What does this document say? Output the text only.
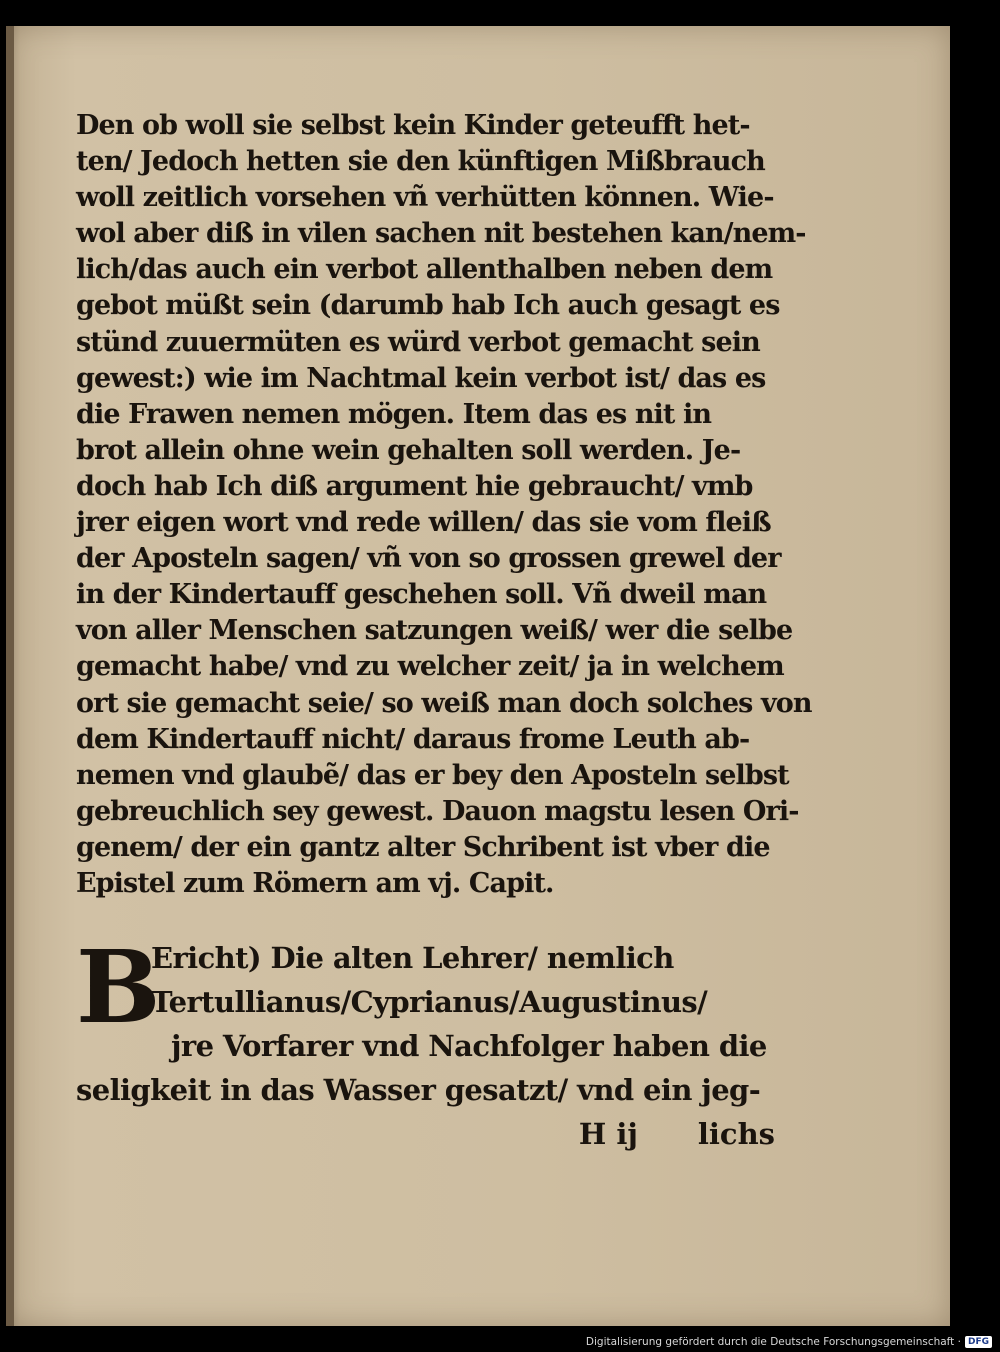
Den ob woll sie selbst kein Kinder geteufft het-
ten/ Jedoch hetten sie den künftigen Mißbrauch
woll zeitlich vorsehen vñ verhütten können. Wie-
wol aber diß in vilen sachen nit bestehen kan/nem-
lich/das auch ein verbot allenthalben neben dem
gebot müßt sein (darumb hab Ich auch gesagt es
stünd zuuermüten es würd verbot gemacht sein
gewest:) wie im Nachtmal kein verbot ist/ das es
die Frawen nemen mögen. Item das es nit in
brot allein ohne wein gehalten soll werden. Je-
doch hab Ich diß argument hie gebraucht/ vmb
jrer eigen wort vnd rede willen/ das sie vom fleiß
der Aposteln sagen/ vñ von so grossen grewel der
in der Kindertauff geschehen soll. Vñ dweil man
von aller Menschen satzungen weiß/ wer die selbe
gemacht habe/ vnd zu welcher zeit/ ja in welchem
ort sie gemacht seie/ so weiß man doch solches von
dem Kindertauff nicht/ daraus frome Leuth ab-
nemen vnd glaubẽ/ das er bey den Aposteln selbst
gebreuchlich sey gewest. Dauon magstu lesen Ori-
genem/ der ein gantz alter Schribent ist vber die
Epistel zum Römern am vj. Capit.
B
Ericht) Die alten Lehrer/ nemlich
Tertullianus/Cyprianus/Augustinus/
jre Vorfarer vnd Nachfolger haben die
seligkeit in das Wasser gesatzt/ vnd ein jeg-
H ij lichs
Digitalisierung gefördert durch die Deutsche Forschungsgemeinschaft · DFG
